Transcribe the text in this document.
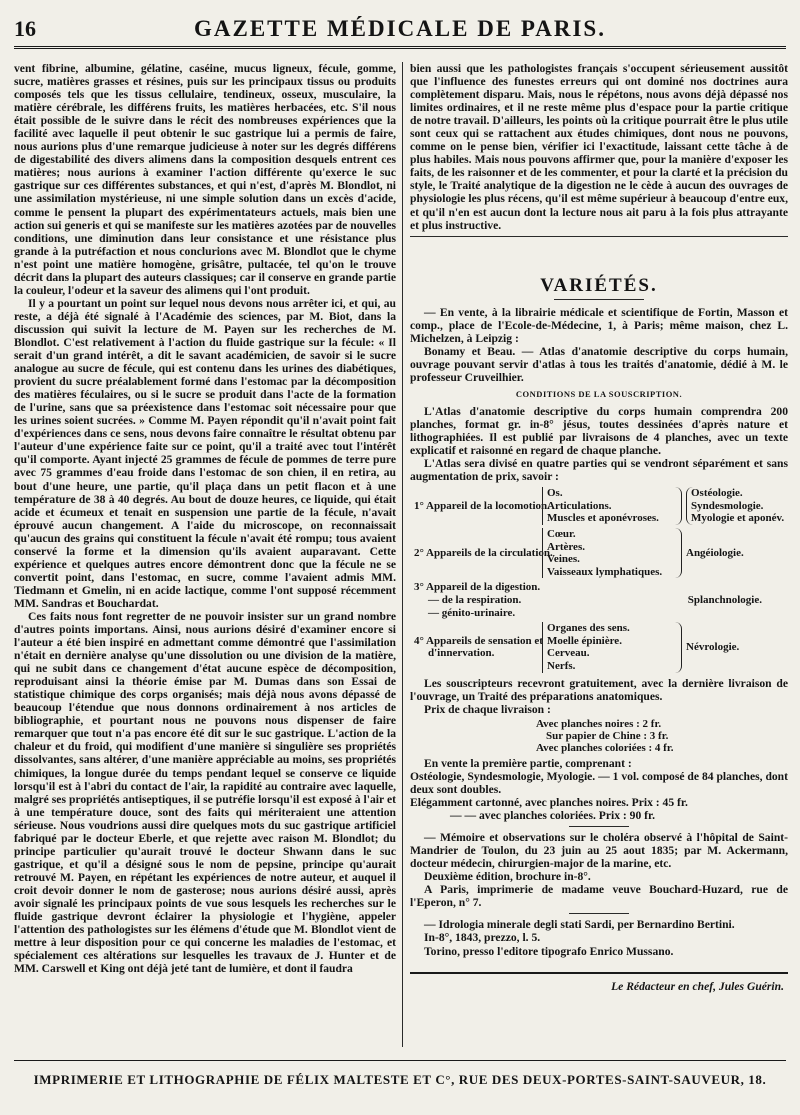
16	GAZETTE MÉDICALE DE PARIS.

vent fibrine, albumine, gélatine, caséine, mucus ligneux, fécule, gomme, sucre, matières grasses et résines, puis sur les principaux tissus ou produits composés tels que les tissus cellulaire, tendineux, osseux, musculaire, la matière cérébrale, les différens fruits, les matières herbacées, etc. S'il nous était possible de le suivre dans le récit des nombreuses expériences que la facilité avec laquelle il peut obtenir le suc gastrique lui a permis de faire, nous aurions plus d'une remarque judicieuse à noter sur les degrés différens de digestabilité des divers alimens dans la composition desquels entrent ces matières; nous aurions à examiner l'action différente qu'exerce le suc gastrique sur ces différentes substances, et qui n'est, d'après M. Blondlot, ni une assimilation mystérieuse, ni une simple solution dans un excès d'acide, comme le pensent la plupart des expérimentateurs actuels, mais bien une action sui generis et qui se manifeste sur les matières azotées par de nouvelles conditions, une diminution dans leur consistance et une résistance plus grande à la putréfaction et nous conclurions avec M. Blondlot que le chyme n'est point une matière homogène, grisâtre, pultacée, tel qu'on le trouve décrit dans la plupart des auteurs classiques; car il conserve en grande partie la couleur, l'odeur et la saveur des alimens qui l'ont produit.

Il y a pourtant un point sur lequel nous devons nous arrêter ici, et qui, au reste, a déjà été signalé à l'Académie des sciences, par M. Biot, dans la discussion qui suivit la lecture de M. Payen sur les recherches de M. Blondlot. C'est relativement à l'action du fluide gastrique sur la fécule: « Il serait d'un grand intérêt, a dit le savant académicien, de savoir si le sucre analogue au sucre de fécule, qui est contenu dans les urines des diabétiques, provient du sucre préalablement formé dans l'estomac par la décomposition des matières féculaires, ou si le sucre se produit dans l'acte de la formation de l'urine, sans que sa préexistence dans l'estomac soit nécessaire pour que les urines soient sucrées. » Comme M. Payen répondit qu'il n'avait point fait d'expériences dans ce sens, nous devons faire connaître le résultat obtenu par l'auteur d'une expérience faite sur ce point, qu'il a traité avec tout l'intérêt qu'il comporte. Ayant injecté 25 grammes de fécule de pommes de terre pure avec 75 grammes d'eau froide dans l'estomac de son chien, il en retira, au bout d'une heure, une partie, qu'il plaça dans un petit flacon et à une température de 38 à 40 degrés. Au bout de douze heures, ce liquide, qui était acide et écumeux et tenait en suspension une partie de la fécule, n'avait éprouvé aucun changement. A l'aide du microscope, on reconnaissait qu'aucun des grains qui constituent la fécule n'avait été rompu; tous avaient conservé la forme et la dimension qu'ils avaient auparavant. Cette expérience et quelques autres encore démontrent donc que la fécule ne se convertit point, dans l'estomac, en sucre, comme l'avaient admis MM. Tiedmann et Gmelin, ni en acide lactique, comme l'ont supposé récemment MM. Sandras et Bouchardat.

Ces faits nous font regretter de ne pouvoir insister sur un grand nombre d'autres points importans. Ainsi, nous aurions désiré d'examiner encore si l'auteur a été bien inspiré en admettant comme démontré que l'assimilation n'était en dernière analyse qu'une dissolution ou une division de la matière, qui ne subit dans ce changement d'état aucune espèce de décomposition, reproduisant ainsi la théorie émise par M. Dumas dans son Essai de statistique chimique des corps organisés; mais déjà nous avons dépassé de beaucoup l'étendue que nous donnons ordinairement à nos articles de bibliographie, et pourtant nous ne pouvons nous dispenser de faire remarquer que tout n'a pas encore été dit sur le suc gastrique. L'action de la chaleur et du froid, qui modifient d'une manière si singulière ses propriétés dissolvantes, sans altérer, d'une manière appréciable au moins, ses propriétés chimiques, la longue durée du temps pendant lequel se conserve ce liquide lorsqu'il est à l'abri du contact de l'air, la rapidité au contraire avec laquelle, malgré ses propriétés antiseptiques, il se putréfie lorsqu'il est exposé à l'air et à une température douce, sont des faits qui mériteraient une attention sérieuse. Nous voudrions aussi dire quelques mots du suc gastrique artificiel fabriqué par le docteur Eberle, et que rejette avec raison M. Blondlot; du principe particulier qu'aurait trouvé le docteur Shwann dans le suc gastrique, et qu'il a désigné sous le nom de pepsine, principe qu'aurait retrouvé M. Payen, en répétant les expériences de notre auteur, et auquel il croit devoir donner le nom de gasterose; nous aurions désiré aussi, après avoir signalé les principaux points de vue sous lesquels les recherches sur le fluide gastrique devront éclairer la physiologie et l'hygiène, appeler l'attention des pathologistes sur les élémens d'étude que M. Blondlot vient de mettre à leur disposition pour ce qui concerne les maladies de l'estomac, et spécialement ces altérations sur lesquelles les travaux de J. Hunter et de MM. Carswell et King ont déjà jeté tant de lumière, et dont il faudra

bien aussi que les pathologistes français s'occupent sérieusement aussitôt que l'influence des funestes erreurs qui ont dominé nos doctrines aura complètement disparu. Mais, nous le répétons, nous avons déjà dépassé nos limites ordinaires, et il ne reste même plus d'espace pour la partie critique de notre travail. D'ailleurs, les points où la critique pourrait être le plus utile sont ceux qui se rattachent aux études chimiques, dont nous ne pouvons, comme on le pense bien, vérifier ici l'exactitude, laissant cette tâche à de plus habiles. Mais nous pouvons affirmer que, pour la manière d'exposer les faits, de les raisonner et de les commenter, et pour la clarté et la précision du style, le Traité analytique de la digestion ne le cède à aucun des ouvrages de physiologie les plus récens, qu'il est même supérieur à beaucoup d'entre eux, et qu'il n'en est aucun dont la lecture nous ait paru à la fois plus attrayante et plus instructive.

VARIÉTÉS.

— En vente, à la librairie médicale et scientifique de Fortin, Masson et comp., place de l'Ecole-de-Médecine, 1, à Paris; même maison, chez L. Michelzen, à Leipzig :

Bonamy et Beau. — Atlas d'anatomie descriptive du corps humain, ouvrage pouvant servir d'atlas à tous les traités d'anatomie, dédié à M. le professeur Cruveilhier.

CONDITIONS DE LA SOUSCRIPTION.

L'Atlas d'anatomie descriptive du corps humain comprendra 200 planches, format gr. in-8° jésus, toutes dessinées d'après nature et lithographiées. Il est publié par livraisons de 4 planches, avec un texte explicatif et raisonné en regard de chaque planche.

L'Atlas sera divisé en quatre parties qui se vendront séparément et sans augmentation de prix, savoir :

1° Appareil de la locomotion.
Os.
Articulations.
Muscles et aponévroses.
Ostéologie.
Syndesmologie.
Myologie et aponév.
2° Appareils de la circulation.
Cœur.
Artères.
Veines.
Vaisseaux lymphatiques.
Angéiologie.
3° Appareil de la digestion.
— de la respiration.
— génito-urinaire.
Splanchnologie.
4° Appareils de sensation et
d'innervation.
Organes des sens.
Moelle épinière.
Cerveau.
Nerfs.
Névrologie.

Les souscripteurs recevront gratuitement, avec la dernière livraison de l'ouvrage, un Traité des préparations anatomiques.

Prix de chaque livraison :

Avec planches noires : 2 fr.
Sur papier de Chine : 3 fr.
Avec planches coloriées : 4 fr.

En vente la première partie, comprenant :

Ostéologie, Syndesmologie, Myologie. — 1 vol. composé de 84 planches, dont deux sont doubles.

Elégamment cartonné, avec planches noires. Prix : 45 fr.

— — avec planches coloriées. Prix : 90 fr.

— Mémoire et observations sur le choléra observé à l'hôpital de Saint-Mandrier de Toulon, du 23 juin au 25 aout 1835; par M. Ackermann, docteur médecin, chirurgien-major de la marine, etc.

Deuxième édition, brochure in-8°.

A Paris, imprimerie de madame veuve Bouchard-Huzard, rue de l'Eperon, n° 7.

— Idrologia minerale degli stati Sardi, per Bernardino Bertini.

In-8°, 1843, prezzo, l. 5.

Torino, presso l'editore tipografo Enrico Mussano.

Le Rédacteur en chef, Jules Guérin.
IMPRIMERIE ET LITHOGRAPHIE DE FÉLIX MALTESTE ET C°, RUE DES DEUX-PORTES-SAINT-SAUVEUR, 18.
